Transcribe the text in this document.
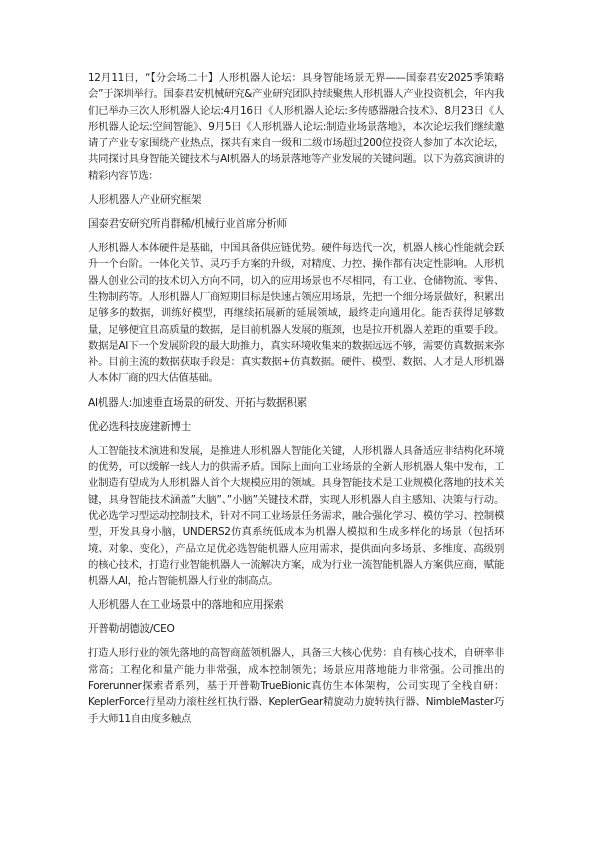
12月11日，“【分会场二十】人形机器人论坛：具身智能场景无界——国泰君安2025季策略会”于深圳举行。国泰君安机械研究&产业研究团队持续聚焦人形机器人产业投资机会，年内我们已举办三次人形机器人论坛:4月16日《人形机器人论坛:多传感器融合技术》、8月23日《人形机器人论坛:空间智能》、9月5日《人形机器人论坛:制造业场景落地》，本次论坛我们继续邀请了产业专家围绕产业热点，探共有来自一级和二级市场超过200位投资人参加了本次论坛，共同探讨具身智能关键技术与AI机器人的场景落地等产业发展的关键问题。以下为荔宾演讲的精彩内容节选：

人形机器人产业研究框架

国泰君安研究所肖群稀/机械行业首席分析师

人形机器人本体硬件是基础，中国具备供应链优势。硬件每迭代一次，机器人核心性能就会跃升一个台阶。一体化关节、灵巧手方案的升级，对精度、力控、操作都有决定性影响。人形机器人创业公司的技术切入方向不同，切入的应用场景也不尽相同，有工业、仓储物流、零售、生物制药等。人形机器人厂商短期目标是快速占领应用场景，先把一个细分场景做好，积累出足够多的数据，训练好模型，再继续拓展新的延展领域，最终走向通用化。能否获得足够数量，足够便宜且高质量的数据，是目前机器人发展的瓶颈，也是拉开机器人差距的重要手段。数据是AI下一个发展阶段的最大助推力，真实环境收集来的数据远远不够，需要仿真数据来弥补。目前主流的数据获取手段是：真实数据+仿真数据。硬件、模型、数据、人才是人形机器人本体厂商的四大估值基础。

AI机器人:加速垂直场景的研发、开拓与数据积累

优必选科技庞建新博士

人工智能技术演进和发展，是推进人形机器人智能化关键，人形机器人具备适应非结构化环境的优势，可以缓解一线人力的供需矛盾。国际上面向工业场景的全新人形机器人集中发布，工业制造有望成为人形机器人首个大规模应用的领域。具身智能技术是工业规模化落地的技术关键，具身智能技术涵盖”大脑”、”小脑”关键技术群，实现人形机器人自主感知、决策与行动。优必选学习型运动控制技术，针对不同工业场景任务需求，融合强化学习、模仿学习、控制模型，开发具身小脑，UNDERS2仿真系统低成本为机器人模拟和生成多样化的场景（包括环境、对象、变化），产品立足优必选智能机器人应用需求，提供面向多场景、多维度、高级别的核心技术，打造行业智能机器人一流解决方案，成为行业一流智能机器人方案供应商，赋能机器人AI，抢占智能机器人行业的制高点。

人形机器人在工业场景中的落地和应用探索

开普勒胡德波/CEO

打造人形行业的领先落地的高智商蓝领机器人，具备三大核心优势：自有核心技术，自研率非常高；工程化和量产能力非常强，成本控制领先；场景应用落地能力非常强。公司推出的Forerunner探索者系列，基于开普勒TrueBionic真仿生本体架构，公司实现了全栈自研：KeplerForce行星动力滚柱丝杠执行器、KeplerGear精旋动力旋转执行器、NimbleMaster巧手大师11自由度多触点
